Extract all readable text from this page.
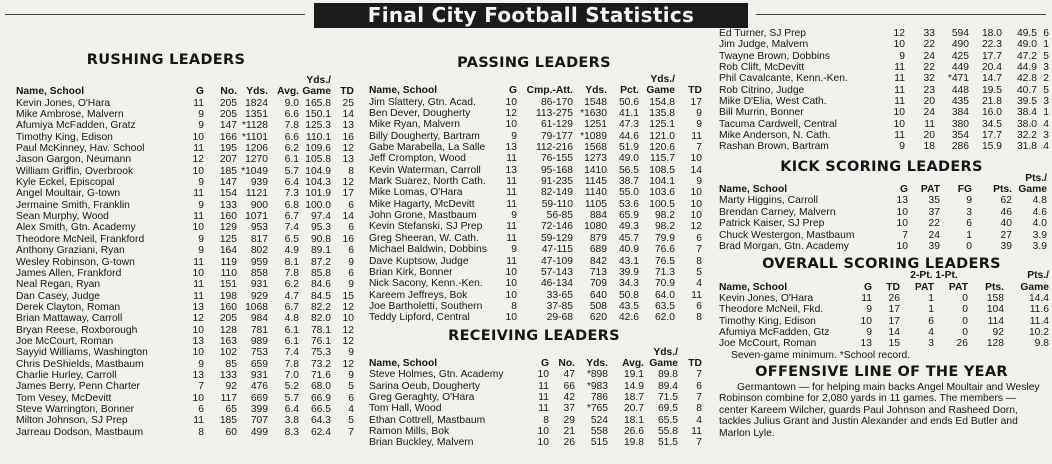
Final City Football Statistics
RUSHING LEADERS
					Yds./	
Name, School	G	No.	Yds.	Avg.	Game	TD
Kevin Jones, O'Hara	11	205	1824	9.0	165.8	25
Mike Ambrose, Malvern	9	205	1351	6.6	150.1	14
Afumiya McFadden, Gratz	9	147	*1128	7.8	125.3	13
Timothy King, Edison	10	166	*1101	6.6	110.1	16
Paul McKinney, Hav. School	11	195	1206	6.2	109.6	12
Jason Gargon, Neumann	12	207	1270	6.1	105.8	13
William Griffin, Overbrook	10	185	*1049	5.7	104.9	8
Kyle Eckel, Episcopal	9	147	939	6.4	104.3	12
Angel Moultair, G-town	11	154	1121	7.3	101.9	17
Jermaine Smith, Franklin	9	133	900	6.8	100.0	6
Sean Murphy, Wood	11	160	1071	6.7	97.4	14
Alex Smith, Gtn. Academy	10	129	953	7.4	95.3	6
Theodore McNeil, Frankford	9	125	817	6.5	90.8	16
Anthony Graziani, Ryan	9	164	802	4.9	89.1	6
Wesley Robinson, G-town	11	119	959	8.1	87.2	9
James Allen, Frankford	10	110	858	7.8	85.8	6
Neal Regan, Ryan	11	151	931	6.2	84.6	9
Dan Casey, Judge	11	198	929	4.7	84.5	15
Derek Clayton, Roman	13	160	1068	6.7	82.2	12
Brian Mattaway, Carroll	12	205	984	4.8	82.0	10
Bryan Reese, Roxborough	10	128	781	6.1	78.1	12
Joe McCourt, Roman	13	163	989	6.1	76.1	12
Sayyid Williams, Washington	10	102	753	7.4	75.3	9
Chris DeShields, Mastbaum	9	85	659	7.8	73.2	12
Charlie Hurley, Carroll	13	133	931	7.0	71.6	9
James Berry, Penn Charter	7	92	476	5.2	68.0	5
Tom Vesey, McDevitt	10	117	669	5.7	66.9	6
Steve Warrington, Bonner	6	65	399	6.4	66.5	4
Milton Johnson, SJ Prep	11	185	707	3.8	64.3	5
Jarreau Dodson, Mastbaum	8	60	499	8.3	62.4	7
PASSING LEADERS
					Yds./	
Name, School	G	Cmp.-Att.	Yds.	Pct.	Game	TD
Jim Slattery, Gtn. Acad.	10	86-170	1548	50.6	154.8	17
Ben Dever, Dougherty	12	113-275	*1630	41.1	135.8	9
Mike Ryan, Malvern	10	61-129	1251	47.3	125.1	9
Billy Dougherty, Bartram	9	79-177	*1089	44.6	121.0	11
Gabe Marabella, La Salle	13	112-216	1568	51.9	120.6	7
Jeff Crompton, Wood	11	76-155	1273	49.0	115.7	10
Kevin Waterman, Carroll	13	95-168	1410	56.5	108.5	14
Mark Suarez, North Cath.	11	91-235	1145	38.7	104.1	9
Mike Lomas, O'Hara	11	82-149	1140	55.0	103.6	10
Mike Hagarty, McDevitt	11	59-110	1105	53.6	100.5	10
John Grone, Mastbaum	9	56-85	884	65.9	98.2	10
Kevin Stefanski, SJ Prep	11	72-146	1080	49.3	98.2	12
Greg Sheeran, W. Cath.	11	59-129	879	45.7	79.9	6
Michael Baldwin, Dobbins	9	47-115	689	40.9	76.6	7
Dave Kuptsow, Judge	11	47-109	842	43.1	76.5	8
Brian Kirk, Bonner	10	57-143	713	39.9	71.3	5
Nick Sacony, Kenn.-Ken.	10	46-134	709	34.3	70.9	4
Kareem Jeffreys, Bok	10	33-65	640	50.8	64.0	11
Joe Bartholetti, Southern	8	37-85	508	43.5	63.5	6
Teddy Lipford, Central	10	29-68	620	42.6	62.0	8
RECEIVING LEADERS
					Yds./	
Name, School	G	No.	Yds.	Avg.	Game	TD
Steve Holmes, Gtn. Academy	10	47	*898	19.1	89.8	7
Sarina Oeub, Dougherty	11	66	*983	14.9	89.4	6
Greg Geraghty, O'Hara	11	42	786	18.7	71.5	7
Tom Hall, Wood	11	37	*765	20.7	69.5	8
Ethan Cottrell, Mastbaum	8	29	524	18.1	65.5	4
Ramon Mills, Bok	10	21	558	26.6	55.8	11
Brian Buckley, Malvern	10	26	515	19.8	51.5	7
Ed Turner, SJ Prep	12	33	594	18.0	49.5	6
Jim Judge, Malvern	10	22	490	22.3	49.0	1
Twayne Brown, Dobbins	9	24	425	17.7	47.2	5
Rob Clift, McDevitt	11	22	449	20.4	44.9	3
Phil Cavalcante, Kenn.-Ken.	11	32	*471	14.7	42.8	2
Rob Citrino, Judge	11	23	448	19.5	40.7	5
Mike D'Elia, West Cath.	11	20	435	21.8	39.5	3
Bill Murrin, Bonner	10	24	384	16.0	38.4	1
Tacuma Cardwell, Central	10	11	380	34.5	38.0	4
Mike Anderson, N. Cath.	11	20	354	17.7	32.2	3
Rashan Brown, Bartram	9	18	286	15.9	31.8	4
KICK SCORING LEADERS
					Pts./
Name, School	G	PAT	FG	Pts.	Game
Marty Higgins, Carroll	13	35	9	62	4.8
Brendan Carney, Malvern	10	37	3	46	4.6
Patrick Kaiser, SJ Prep	10	22	6	40	4.0
Chuck Westergon, Mastbaum	7	24	1	27	3.9
Brad Morgan, Gtn. Academy	10	39	0	39	3.9
OVERALL SCORING LEADERS
			2-Pt. 1-Pt.			Pts./
Name, School	G	TD	PAT	PAT	Pts.	Game
Kevin Jones, O'Hara	11	26	1	0	158	14.4
Theodore McNeil, Fkd.	9	17	1	0	104	11.6
Timothy King, Edison	10	17	6	0	114	11.4
Afumiya McFadden, Gtz	9	14	4	0	92	10.2
Joe McCourt, Roman	13	15	3	26	128	9.8
Seven-game minimum. *School record.
OFFENSIVE LINE OF THE YEAR
Germantown — for helping main backs Angel Moultair and Wesley Robinson combine for 2,080 yards in 11 games. The members — center Kareem Wilcher, guards Paul Johnson and Rasheed Dorn, tackles Julius Grant and Justin Alexander and ends Ed Butler and Marlon Lyle.
